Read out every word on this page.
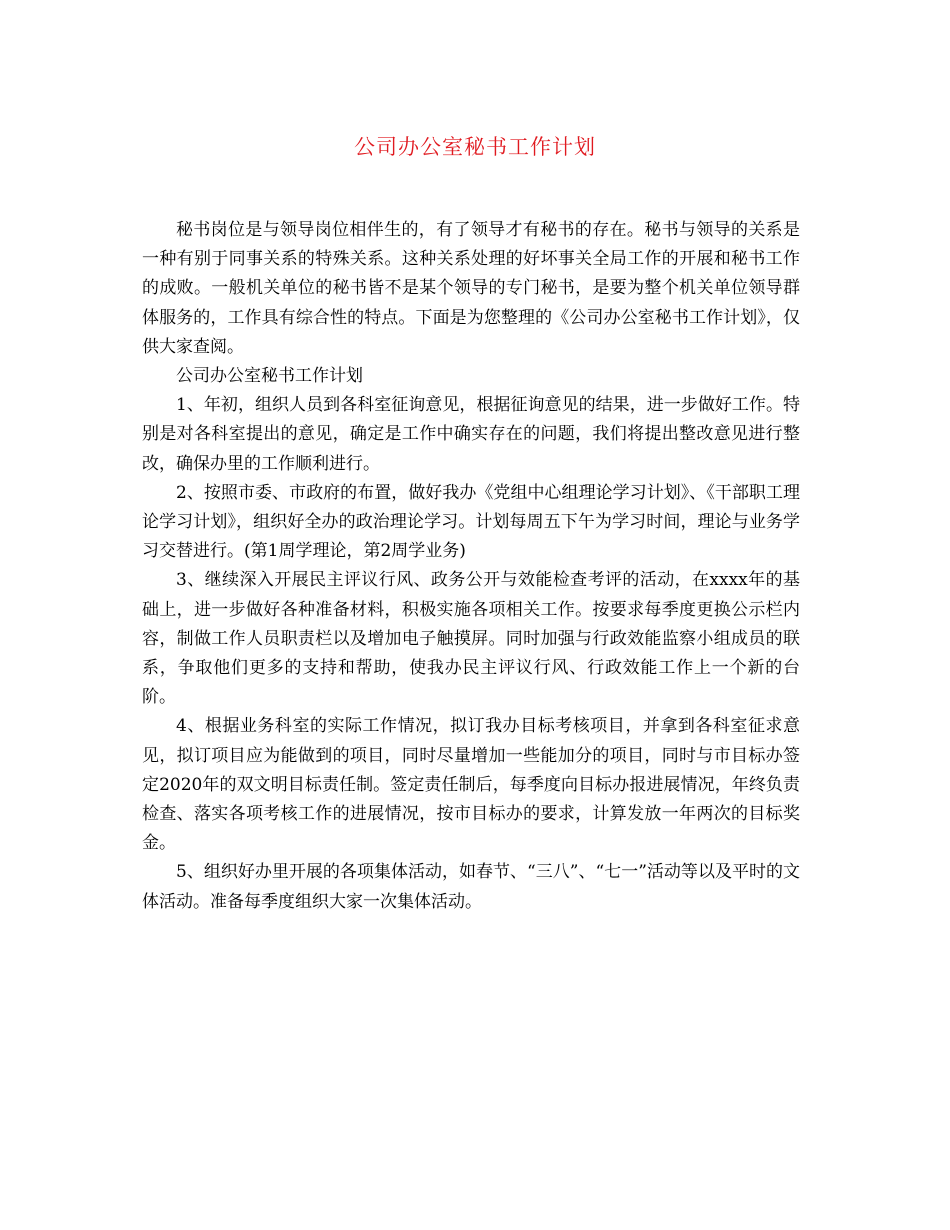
公司办公室秘书工作计划

秘书岗位是与领导岗位相伴生的，有了领导才有秘书的存在。秘书与领导的关系是一种有别于同事关系的特殊关系。这种关系处理的好坏事关全局工作的开展和秘书工作的成败。一般机关单位的秘书皆不是某个领导的专门秘书，是要为整个机关单位领导群体服务的，工作具有综合性的特点。下面是为您整理的《公司办公室秘书工作计划》，仅供大家查阅。

公司办公室秘书工作计划

1、年初，组织人员到各科室征询意见，根据征询意见的结果，进一步做好工作。特别是对各科室提出的意见，确定是工作中确实存在的问题，我们将提出整改意见进行整改，确保办里的工作顺利进行。

2、按照市委、市政府的布置，做好我办《党组中心组理论学习计划》、《干部职工理论学习计划》，组织好全办的政治理论学习。计划每周五下午为学习时间，理论与业务学习交替进行。(第1周学理论，第2周学业务)

3、继续深入开展民主评议行风、政务公开与效能检查考评的活动，在xxxx年的基础上，进一步做好各种准备材料，积极实施各项相关工作。按要求每季度更换公示栏内容，制做工作人员职责栏以及增加电子触摸屏。同时加强与行政效能监察小组成员的联系，争取他们更多的支持和帮助，使我办民主评议行风、行政效能工作上一个新的台阶。

4、根据业务科室的实际工作情况，拟订我办目标考核项目，并拿到各科室征求意见，拟订项目应为能做到的项目，同时尽量增加一些能加分的项目，同时与市目标办签定2020年的双文明目标责任制。签定责任制后，每季度向目标办报进展情况，年终负责检查、落实各项考核工作的进展情况，按市目标办的要求，计算发放一年两次的目标奖金。

5、组织好办里开展的各项集体活动，如春节、“三八”、“七一”活动等以及平时的文体活动。准备每季度组织大家一次集体活动。
